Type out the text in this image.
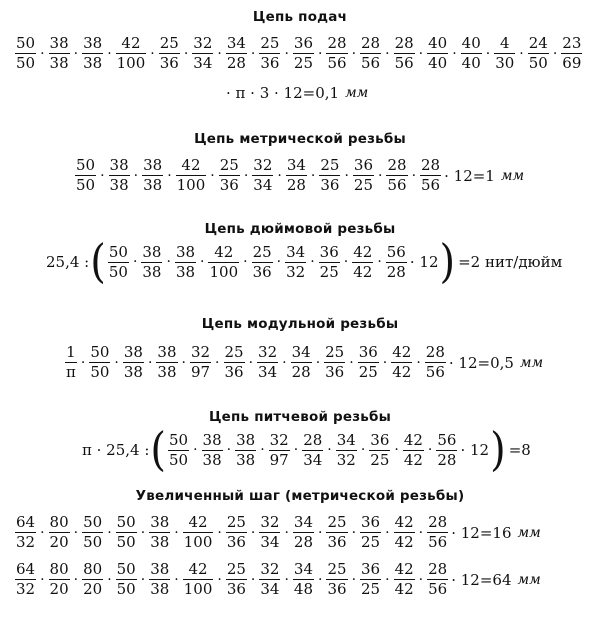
Цепь подач
$\frac{50}{50} \cdot \frac{38}{38} \cdot \frac{38}{38} \cdot \frac{42}{100} \cdot \frac{25}{36} \cdot \frac{32}{34} \cdot \frac{34}{28} \cdot \frac{25}{36} \cdot \frac{36}{25} \cdot \frac{28}{56} \cdot \frac{28}{56} \cdot \frac{28}{56} \cdot \frac{40}{40} \cdot \frac{40}{40} \cdot \frac{4}{30} \cdot \frac{24}{50} \cdot \frac{23}{69}$
· π · 3 · 12=0,1 мм
Цепь метрической резьбы
$\frac{50}{50} \cdot \frac{38}{38} \cdot \frac{38}{38} \cdot \frac{42}{100} \cdot \frac{25}{36} \cdot \frac{32}{34} \cdot \frac{34}{28} \cdot \frac{25}{36} \cdot \frac{36}{25} \cdot \frac{28}{56} \cdot \frac{28}{56} \cdot 12=1$ мм
Цепь дюймовой резьбы
25,4 : ( $\frac{50}{50} \cdot \frac{38}{38} \cdot \frac{38}{38} \cdot \frac{42}{100} \cdot \frac{25}{36} \cdot \frac{34}{32} \cdot \frac{36}{25} \cdot \frac{42}{42} \cdot \frac{56}{28} \cdot 12$ ) =2 нит/дюйм
Цепь модульной резьбы
$\frac{1}{\pi} \cdot \frac{50}{50} \cdot \frac{38}{38} \cdot \frac{38}{38} \cdot \frac{32}{97} \cdot \frac{25}{36} \cdot \frac{32}{34} \cdot \frac{34}{28} \cdot \frac{25}{36} \cdot \frac{36}{25} \cdot \frac{42}{42} \cdot \frac{28}{56} \cdot 12=0,5$ мм
Цепь питчевой резьбы
π · 25,4 : ( $\frac{50}{50} \cdot \frac{38}{38} \cdot \frac{38}{38} \cdot \frac{32}{97} \cdot \frac{28}{34} \cdot \frac{34}{32} \cdot \frac{36}{25} \cdot \frac{42}{42} \cdot \frac{56}{28} \cdot 12$ ) =8
Увеличенный шаг (метрической резьбы)
$\frac{64}{32} \cdot \frac{80}{20} \cdot \frac{50}{50} \cdot \frac{50}{50} \cdot \frac{38}{38} \cdot \frac{42}{100} \cdot \frac{25}{36} \cdot \frac{32}{34} \cdot \frac{34}{28} \cdot \frac{25}{36} \cdot \frac{36}{25} \cdot \frac{42}{42} \cdot \frac{28}{56} \cdot 12=16$ мм
$\frac{64}{32} \cdot \frac{80}{20} \cdot \frac{80}{20} \cdot \frac{50}{50} \cdot \frac{38}{38} \cdot \frac{42}{100} \cdot \frac{25}{36} \cdot \frac{32}{34} \cdot \frac{34}{48} \cdot \frac{25}{36} \cdot \frac{36}{25} \cdot \frac{42}{42} \cdot \frac{28}{56} \cdot 12=64$ мм
